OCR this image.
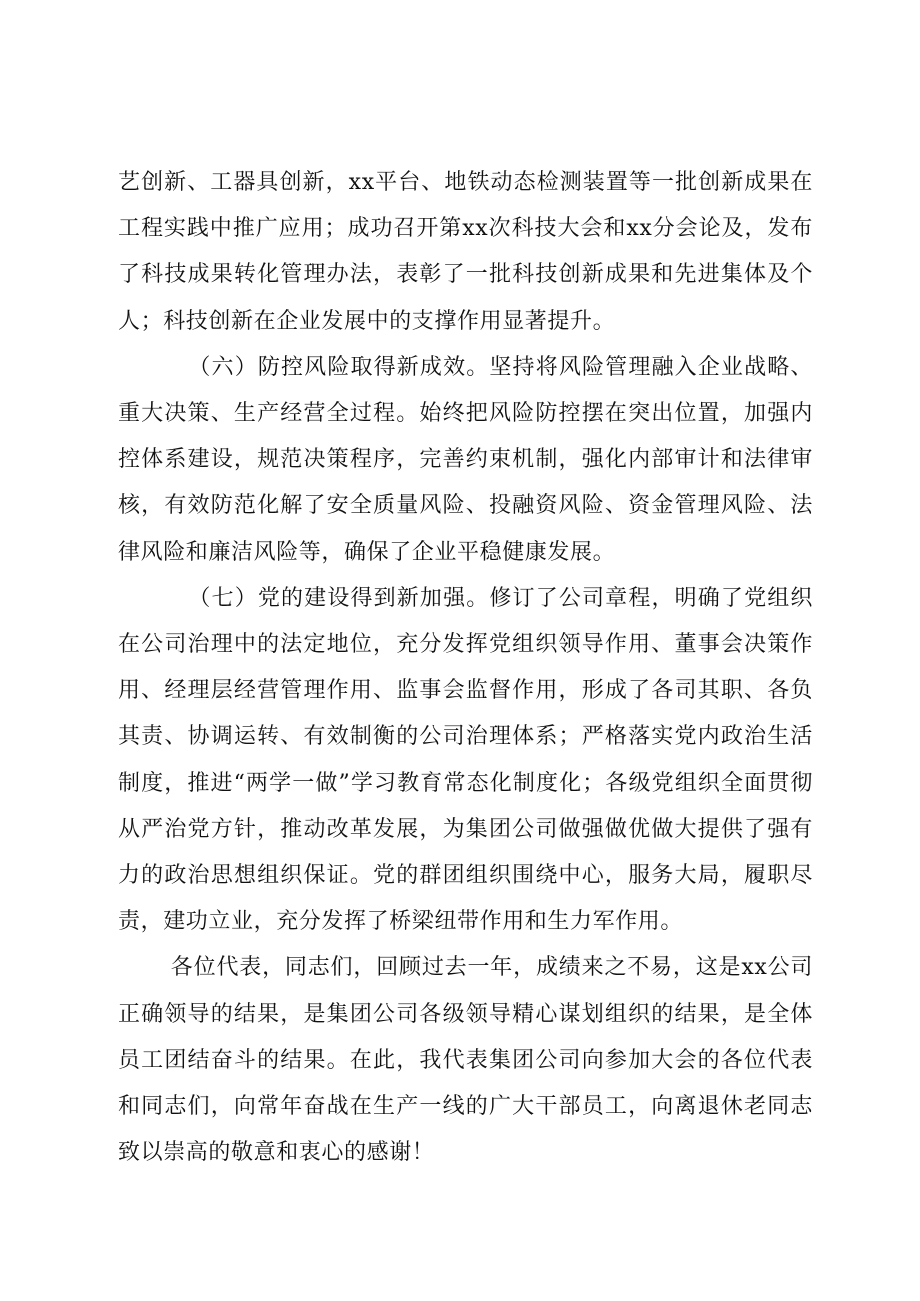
艺创新、工器具创新，xx平台、地铁动态检测装置等一批创新成果在工程实践中推广应用；成功召开第xx次科技大会和xx分会论及，发布了科技成果转化管理办法，表彰了一批科技创新成果和先进集体及个人；科技创新在企业发展中的支撑作用显著提升。

（六）防控风险取得新成效。坚持将风险管理融入企业战略、重大决策、生产经营全过程。始终把风险防控摆在突出位置，加强内控体系建设，规范决策程序，完善约束机制，强化内部审计和法律审核，有效防范化解了安全质量风险、投融资风险、资金管理风险、法律风险和廉洁风险等，确保了企业平稳健康发展。

（七）党的建设得到新加强。修订了公司章程，明确了党组织在公司治理中的法定地位，充分发挥党组织领导作用、董事会决策作用、经理层经营管理作用、监事会监督作用，形成了各司其职、各负其责、协调运转、有效制衡的公司治理体系；严格落实党内政治生活制度，推进“两学一做”学习教育常态化制度化；各级党组织全面贯彻从严治党方针，推动改革发展，为集团公司做强做优做大提供了强有力的政治思想组织保证。党的群团组织围绕中心，服务大局，履职尽责，建功立业，充分发挥了桥梁纽带作用和生力军作用。

各位代表，同志们，回顾过去一年，成绩来之不易，这是xx公司正确领导的结果，是集团公司各级领导精心谋划组织的结果，是全体员工团结奋斗的结果。在此，我代表集团公司向参加大会的各位代表和同志们，向常年奋战在生产一线的广大干部员工，向离退休老同志致以崇高的敬意和衷心的感谢！
